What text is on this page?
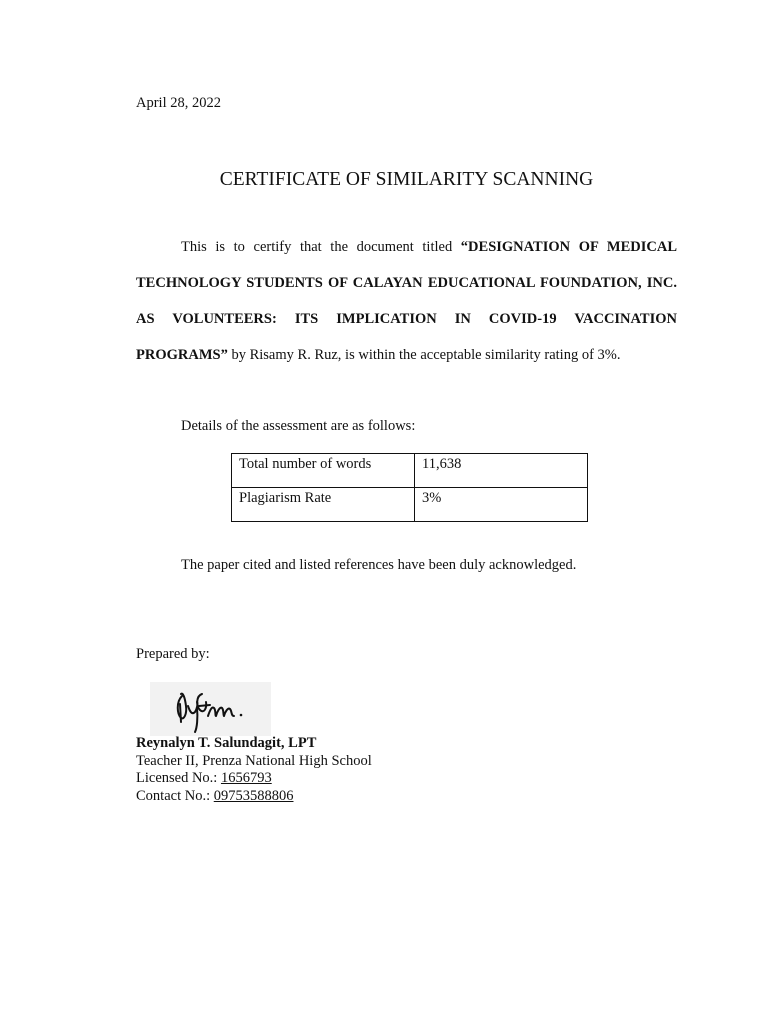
April 28, 2022
CERTIFICATE OF SIMILARITY SCANNING

This is to certify that the document titled “DESIGNATION OF MEDICAL TECHNOLOGY STUDENTS OF CALAYAN EDUCATIONAL FOUNDATION, INC. AS VOLUNTEERS: ITS IMPLICATION IN COVID-19 VACCINATION PROGRAMS” by Risamy R. Ruz, is within the acceptable similarity rating of 3%.

Details of the assessment are as follows:
Total number of words	11,638
Plagiarism Rate	3%
The paper cited and listed references have been duly acknowledged.
Prepared by:
Reynalyn T. Salundagit, LPT
Teacher II, Prenza National High School
Licensed No.: 1656793
Contact No.: 09753588806
